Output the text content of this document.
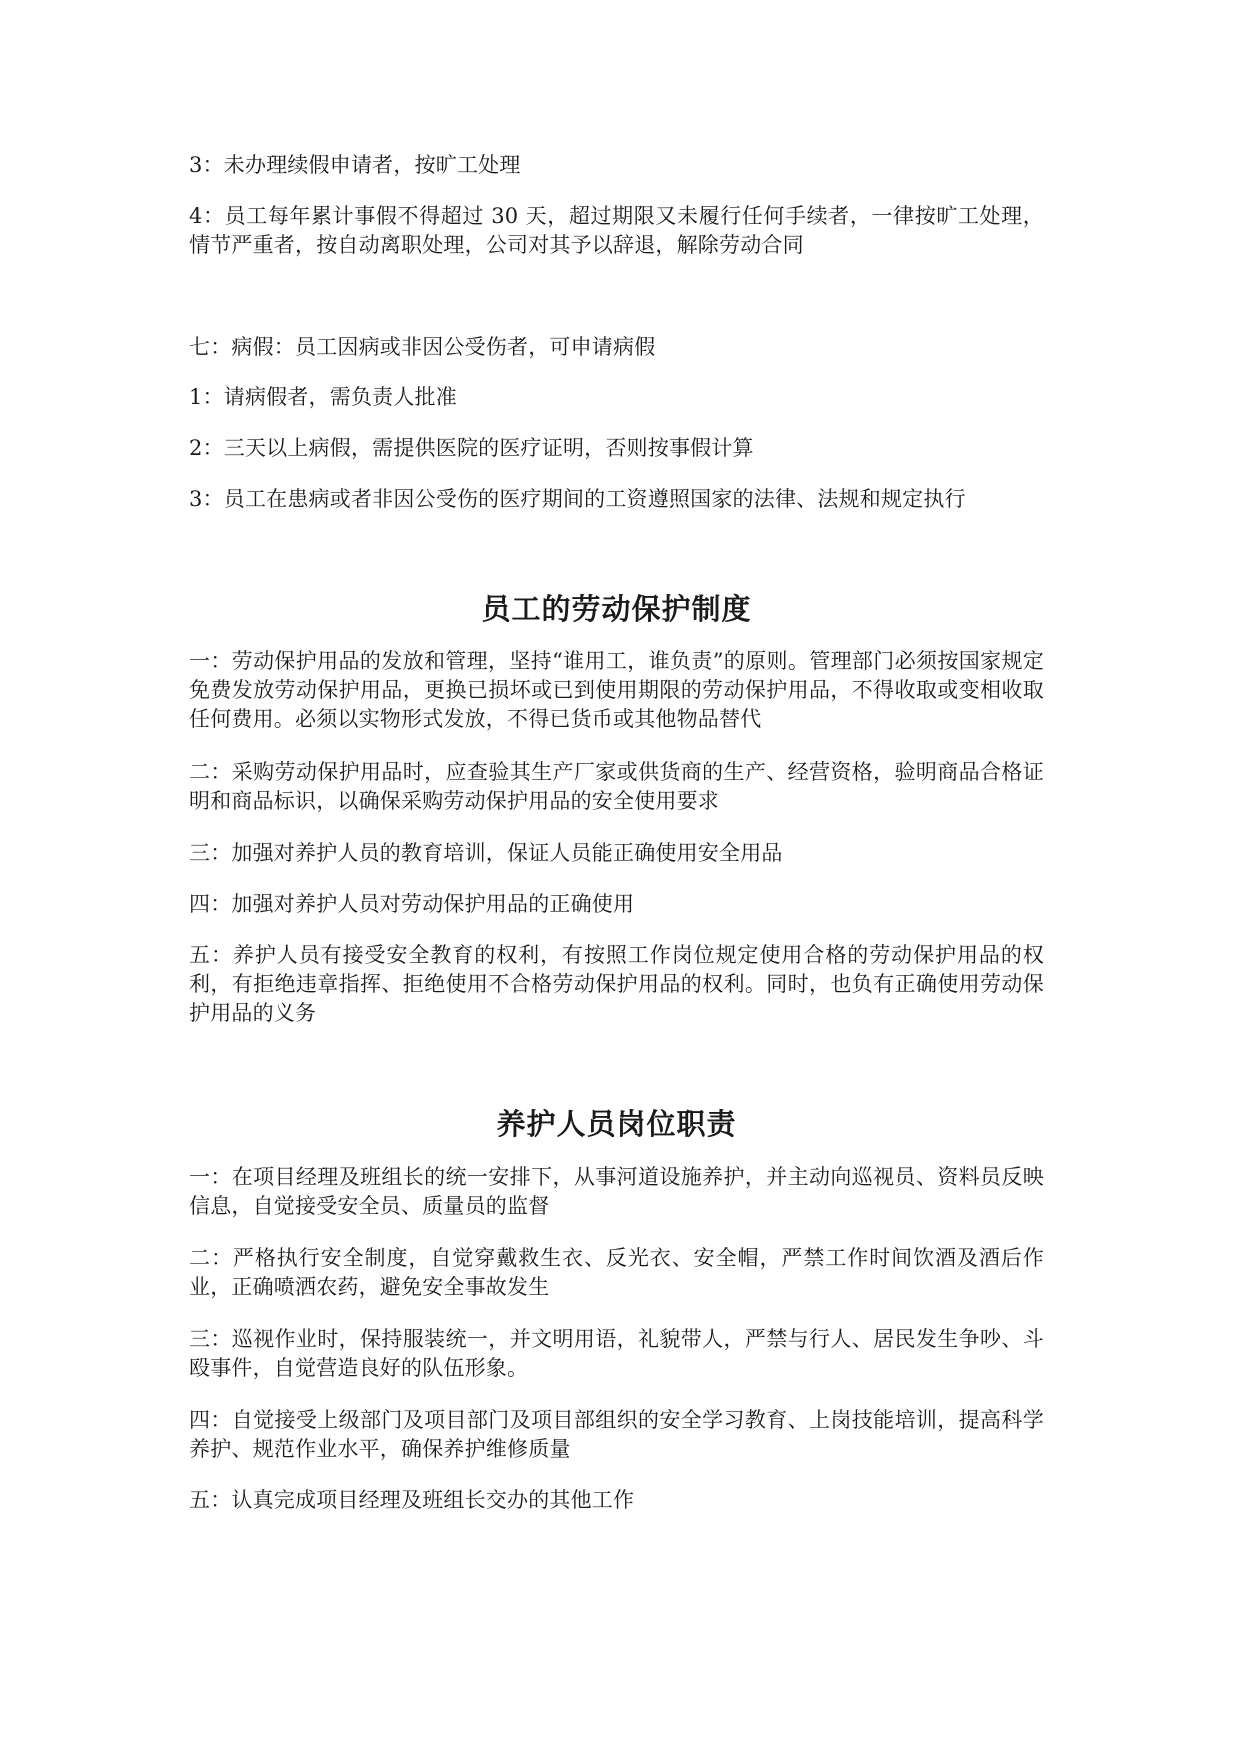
3：未办理续假申请者，按旷工处理

4：员工每年累计事假不得超过 30 天，超过期限又未履行任何手续者，一律按旷工处理，情节严重者，按自动离职处理，公司对其予以辞退，解除劳动合同

七：病假：员工因病或非因公受伤者，可申请病假

1：请病假者，需负责人批准

2：三天以上病假，需提供医院的医疗证明，否则按事假计算

3：员工在患病或者非因公受伤的医疗期间的工资遵照国家的法律、法规和规定执行

员工的劳动保护制度

一：劳动保护用品的发放和管理，坚持“谁用工，谁负责”的原则。管理部门必须按国家规定免费发放劳动保护用品，更换已损坏或已到使用期限的劳动保护用品，不得收取或变相收取任何费用。必须以实物形式发放，不得已货币或其他物品替代

二：采购劳动保护用品时，应查验其生产厂家或供货商的生产、经营资格，验明商品合格证明和商品标识，以确保采购劳动保护用品的安全使用要求

三：加强对养护人员的教育培训，保证人员能正确使用安全用品

四：加强对养护人员对劳动保护用品的正确使用

五：养护人员有接受安全教育的权利，有按照工作岗位规定使用合格的劳动保护用品的权利，有拒绝违章指挥、拒绝使用不合格劳动保护用品的权利。同时，也负有正确使用劳动保护用品的义务

养护人员岗位职责

一：在项目经理及班组长的统一安排下，从事河道设施养护，并主动向巡视员、资料员反映信息，自觉接受安全员、质量员的监督

二：严格执行安全制度，自觉穿戴救生衣、反光衣、安全帽，严禁工作时间饮酒及酒后作业，正确喷洒农药，避免安全事故发生

三：巡视作业时，保持服装统一，并文明用语，礼貌带人，严禁与行人、居民发生争吵、斗殴事件，自觉营造良好的队伍形象。

四：自觉接受上级部门及项目部门及项目部组织的安全学习教育、上岗技能培训，提高科学养护、规范作业水平，确保养护维修质量

五：认真完成项目经理及班组长交办的其他工作
